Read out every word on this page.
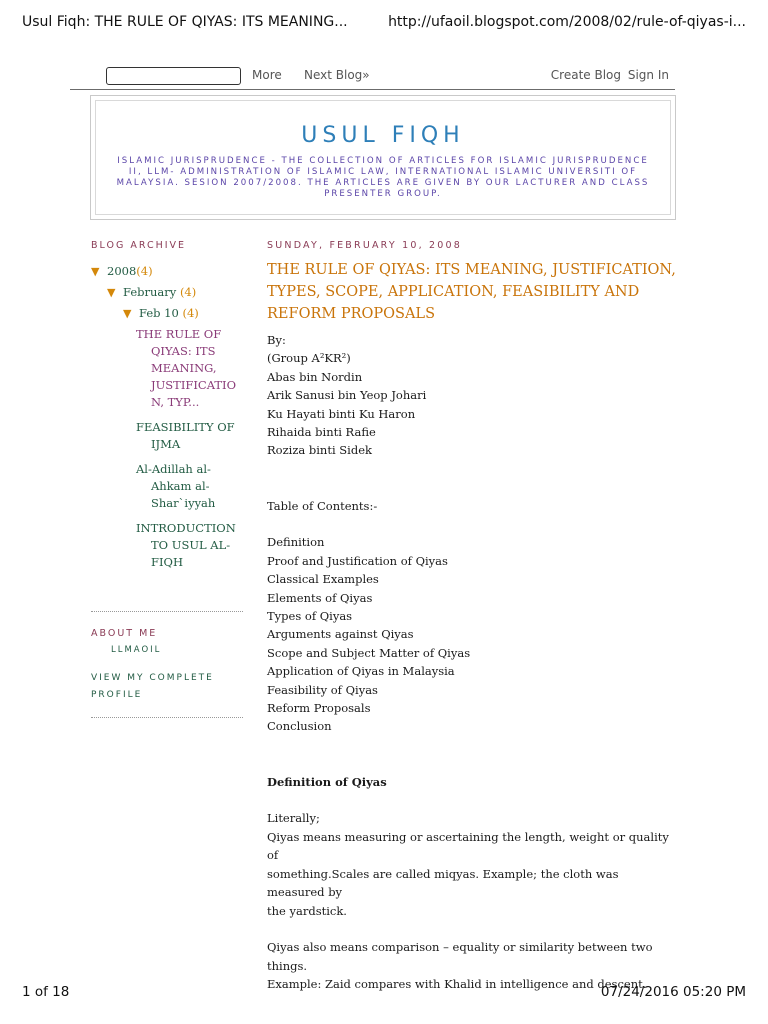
Usul Fiqh: THE RULE OF QIYAS: ITS MEANING...	http://ufaoil.blogspot.com/2008/02/rule-of-qiyas-i...
More Next Blog»	Create Blog Sign In
USUL FIQH
ISLAMIC JURISPRUDENCE - THE COLLECTION OF ARTICLES FOR ISLAMIC JURISPRUDENCE II, LLM- ADMINISTRATION OF ISLAMIC LAW, INTERNATIONAL ISLAMIC UNIVERSITI OF MALAYSIA. SESION 2007/2008. THE ARTICLES ARE GIVEN BY OUR LACTURER AND CLASS PRESENTER GROUP.
BLOG ARCHIVE
▼ 2008(4)
▼ February (4)
▼ Feb 10 (4)
THE RULE OF QIYAS: ITS MEANING, JUSTIFICATIO N, TYP...
FEASIBILITY OF IJMA
Al-Adillah al-Ahkam al-Shar`iyyah
INTRODUCTION TO USUL AL-FIQH
ABOUT ME
LLMAOIL
VIEW MY COMPLETE PROFILE
SUNDAY, FEBRUARY 10, 2008
THE RULE OF QIYAS: ITS MEANING, JUSTIFICATION, TYPES, SCOPE, APPLICATION, FEASIBILITY AND REFORM PROPOSALS
By:
(Group A²KR²)
Abas bin Nordin
Arik Sanusi bin Yeop Johari
Ku Hayati binti Ku Haron
Rihaida binti Rafie
Roziza binti Sidek
Table of Contents:-
Definition
Proof and Justification of Qiyas
Classical Examples
Elements of Qiyas
Types of Qiyas
Arguments against Qiyas
Scope and Subject Matter of Qiyas
Application of Qiyas in Malaysia
Feasibility of Qiyas
Reform Proposals
Conclusion
Definition of Qiyas
Literally;
Qiyas means measuring or ascertaining the length, weight or quality of
something.Scales are called miqyas. Example; the cloth was measured by
the yardstick.
Qiyas also means comparison – equality or similarity between two things.
Example: Zaid compares with Khalid in intelligence and descent.
1 of 18	07/24/2016 05:20 PM
